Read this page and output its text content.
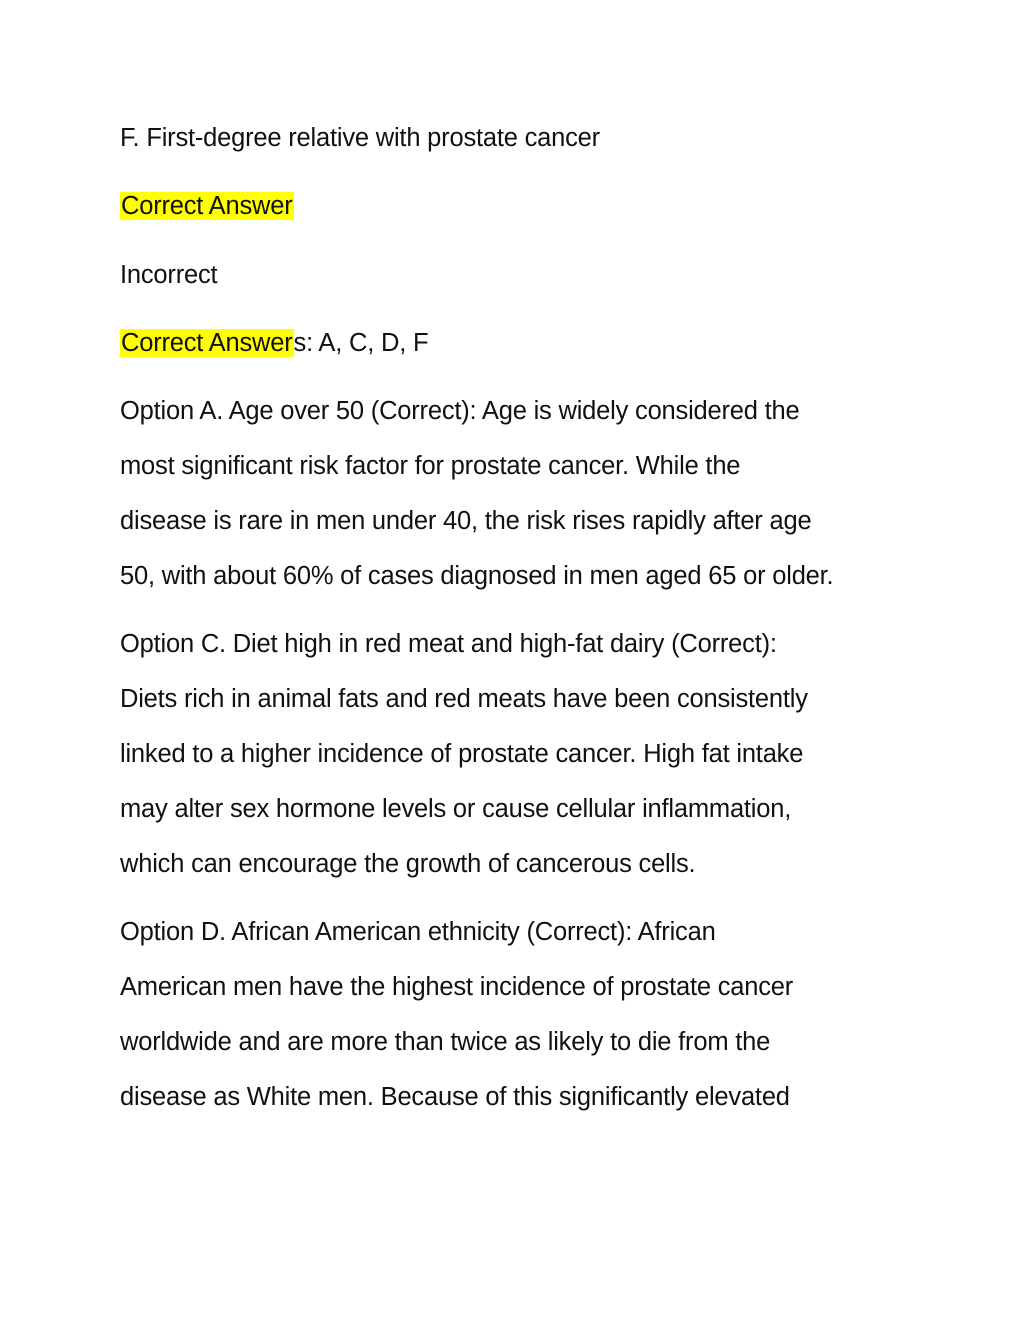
F. First-degree relative with prostate cancer
Correct Answer
Incorrect
Correct Answers: A, C, D, F
Option A. Age over 50 (Correct): Age is widely considered the
most significant risk factor for prostate cancer. While the
disease is rare in men under 40, the risk rises rapidly after age
50, with about 60% of cases diagnosed in men aged 65 or older.
Option C. Diet high in red meat and high-fat dairy (Correct):
Diets rich in animal fats and red meats have been consistently
linked to a higher incidence of prostate cancer. High fat intake
may alter sex hormone levels or cause cellular inflammation,
which can encourage the growth of cancerous cells.
Option D. African American ethnicity (Correct): African
American men have the highest incidence of prostate cancer
worldwide and are more than twice as likely to die from the
disease as White men. Because of this significantly elevated
